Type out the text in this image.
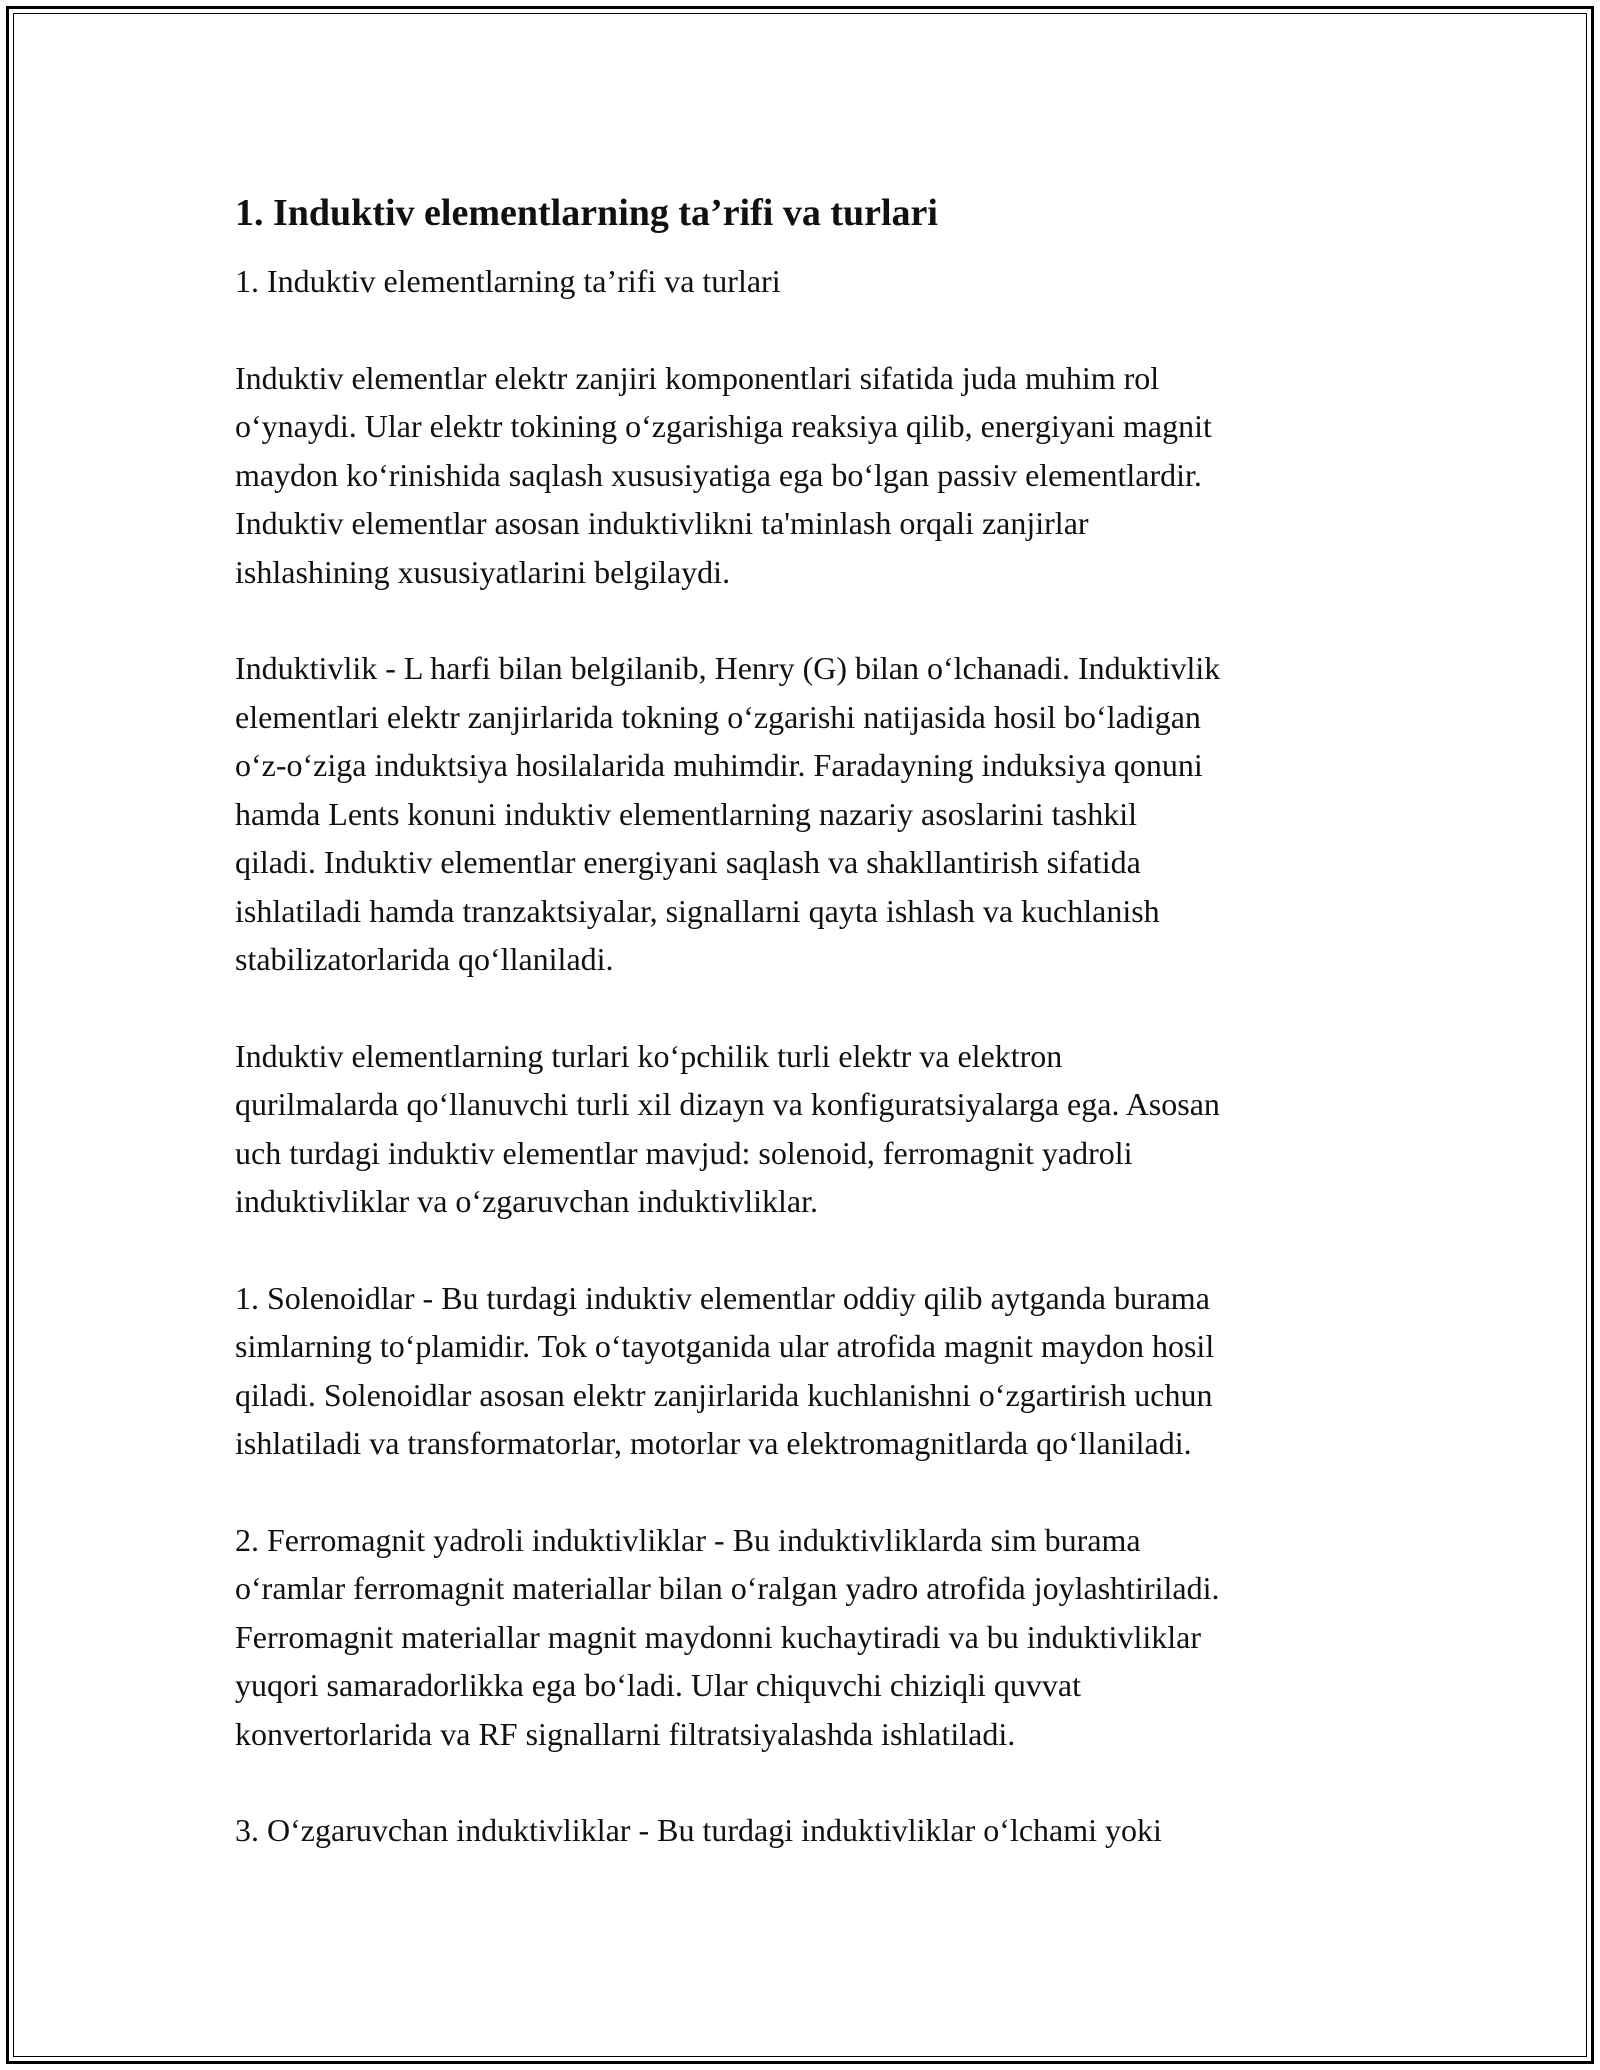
1. Induktiv elementlarning ta’rifi va turlari
1. Induktiv elementlarning ta’rifi va turlari
Induktiv elementlar elektr zanjiri komponentlari sifatida juda muhim rol
o‘ynaydi. Ular elektr tokining o‘zgarishiga reaksiya qilib, energiyani magnit
maydon ko‘rinishida saqlash xususiyatiga ega bo‘lgan passiv elementlardir.
Induktiv elementlar asosan induktivlikni ta'minlash orqali zanjirlar
ishlashining xususiyatlarini belgilaydi.
Induktivlik - L harfi bilan belgilanib, Henry (G) bilan o‘lchanadi. Induktivlik
elementlari elektr zanjirlarida tokning o‘zgarishi natijasida hosil bo‘ladigan
o‘z-o‘ziga induktsiya hosilalarida muhimdir. Faradayning induksiya qonuni
hamda Lents konuni induktiv elementlarning nazariy asoslarini tashkil
qiladi. Induktiv elementlar energiyani saqlash va shakllantirish sifatida
ishlatiladi hamda tranzaktsiyalar, signallarni qayta ishlash va kuchlanish
stabilizatorlarida qo‘llaniladi.
Induktiv elementlarning turlari ko‘pchilik turli elektr va elektron
qurilmalarda qo‘llanuvchi turli xil dizayn va konfiguratsiyalarga ega. Asosan
uch turdagi induktiv elementlar mavjud: solenoid, ferromagnit yadroli
induktivliklar va o‘zgaruvchan induktivliklar.
1. Solenoidlar - Bu turdagi induktiv elementlar oddiy qilib aytganda burama
simlarning to‘plamidir. Tok o‘tayotganida ular atrofida magnit maydon hosil
qiladi. Solenoidlar asosan elektr zanjirlarida kuchlanishni o‘zgartirish uchun
ishlatiladi va transformatorlar, motorlar va elektromagnitlarda qo‘llaniladi.
2. Ferromagnit yadroli induktivliklar - Bu induktivliklarda sim burama
o‘ramlar ferromagnit materiallar bilan o‘ralgan yadro atrofida joylashtiriladi.
Ferromagnit materiallar magnit maydonni kuchaytiradi va bu induktivliklar
yuqori samaradorlikka ega bo‘ladi. Ular chiquvchi chiziqli quvvat
konvertorlarida va RF signallarni filtratsiyalashda ishlatiladi.
3. O‘zgaruvchan induktivliklar - Bu turdagi induktivliklar o‘lchami yoki
